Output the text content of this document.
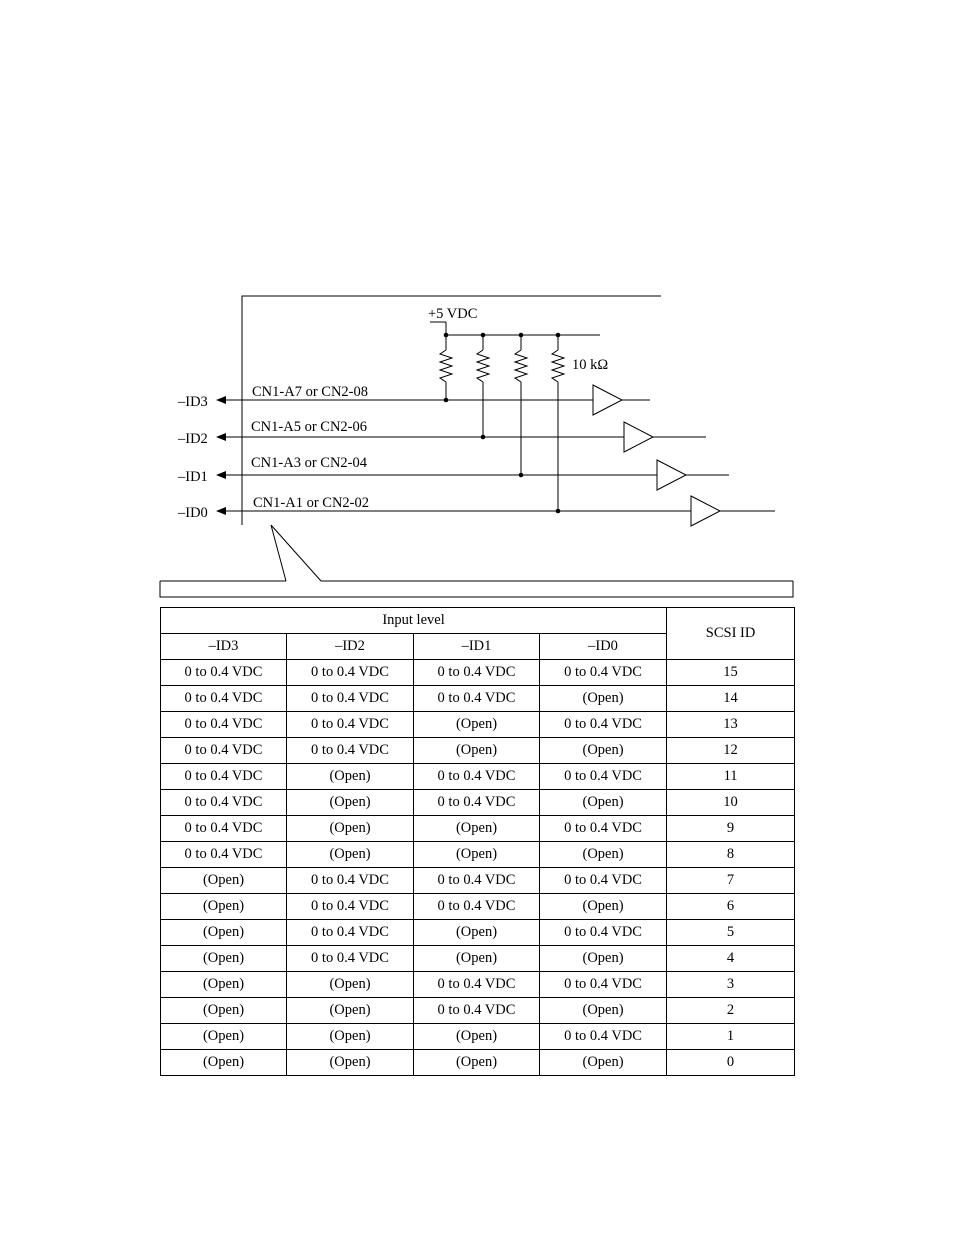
+5 VDC
10 kΩ
–ID3
–ID2
–ID1
–ID0
CN1-A7 or CN2-08
CN1-A5 or CN2-06
CN1-A3 or CN2-04
CN1-A1 or CN2-02
Input level				SCSI ID
–ID3	–ID2	–ID1	–ID0	
0 to 0.4 VDC	0 to 0.4 VDC	0 to 0.4 VDC	0 to 0.4 VDC	15
0 to 0.4 VDC	0 to 0.4 VDC	0 to 0.4 VDC	(Open)	14
0 to 0.4 VDC	0 to 0.4 VDC	(Open)	0 to 0.4 VDC	13
0 to 0.4 VDC	0 to 0.4 VDC	(Open)	(Open)	12
0 to 0.4 VDC	(Open)	0 to 0.4 VDC	0 to 0.4 VDC	11
0 to 0.4 VDC	(Open)	0 to 0.4 VDC	(Open)	10
0 to 0.4 VDC	(Open)	(Open)	0 to 0.4 VDC	9
0 to 0.4 VDC	(Open)	(Open)	(Open)	8
(Open)	0 to 0.4 VDC	0 to 0.4 VDC	0 to 0.4 VDC	7
(Open)	0 to 0.4 VDC	0 to 0.4 VDC	(Open)	6
(Open)	0 to 0.4 VDC	(Open)	0 to 0.4 VDC	5
(Open)	0 to 0.4 VDC	(Open)	(Open)	4
(Open)	(Open)	0 to 0.4 VDC	0 to 0.4 VDC	3
(Open)	(Open)	0 to 0.4 VDC	(Open)	2
(Open)	(Open)	(Open)	0 to 0.4 VDC	1
(Open)	(Open)	(Open)	(Open)	0
